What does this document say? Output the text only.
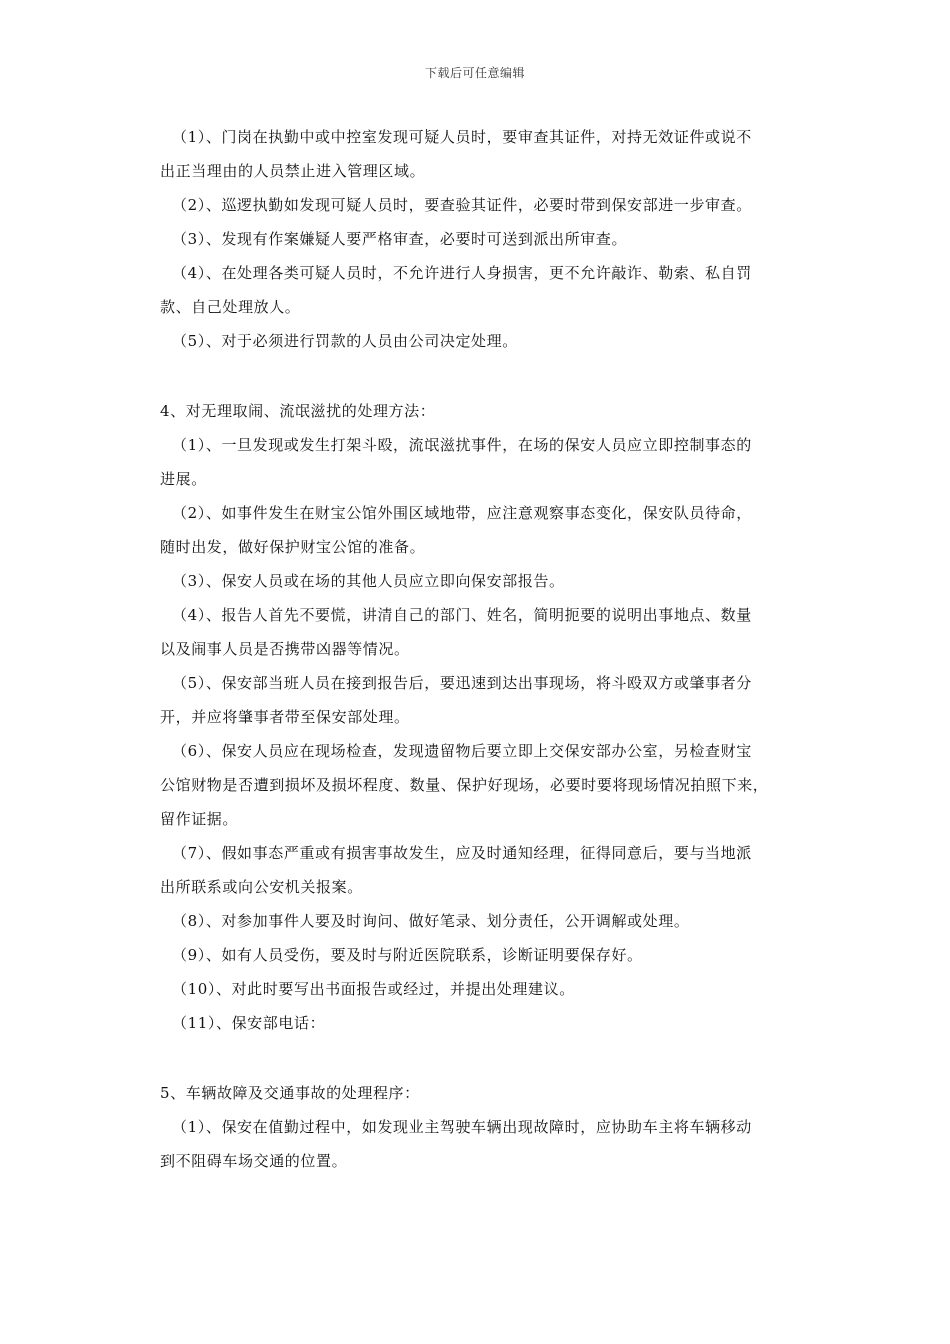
下载后可任意编辑
（1）、门岗在执勤中或中控室发现可疑人员时，要审查其证件，对持无效证件或说不
出正当理由的人员禁止进入管理区域。
（2）、巡逻执勤如发现可疑人员时，要查验其证件，必要时带到保安部进一步审查。
（3）、发现有作案嫌疑人要严格审查，必要时可送到派出所审查。
（4）、在处理各类可疑人员时，不允许进行人身损害，更不允许敲诈、勒索、私自罚
款、自己处理放人。
（5）、对于必须进行罚款的人员由公司决定处理。
4、对无理取闹、流氓滋扰的处理方法：
（1）、一旦发现或发生打架斗殴，流氓滋扰事件，在场的保安人员应立即控制事态的
进展。
（2）、如事件发生在财宝公馆外围区域地带，应注意观察事态变化，保安队员待命，
随时出发，做好保护财宝公馆的准备。
（3）、保安人员或在场的其他人员应立即向保安部报告。
（4）、报告人首先不要慌，讲清自己的部门、姓名，简明扼要的说明出事地点、数量
以及闹事人员是否携带凶器等情况。
（5）、保安部当班人员在接到报告后，要迅速到达出事现场，将斗殴双方或肇事者分
开，并应将肇事者带至保安部处理。
（6）、保安人员应在现场检查，发现遗留物后要立即上交保安部办公室，另检查财宝
公馆财物是否遭到损坏及损坏程度、数量、保护好现场，必要时要将现场情况拍照下来，
留作证据。
（7）、假如事态严重或有损害事故发生，应及时通知经理，征得同意后，要与当地派
出所联系或向公安机关报案。
（8）、对参加事件人要及时询问、做好笔录、划分责任，公开调解或处理。
（9）、如有人员受伤，要及时与附近医院联系，诊断证明要保存好。
（10）、对此时要写出书面报告或经过，并提出处理建议。
（11）、保安部电话：
5、车辆故障及交通事故的处理程序：
（1）、保安在值勤过程中，如发现业主驾驶车辆出现故障时，应协助车主将车辆移动
到不阻碍车场交通的位置。
